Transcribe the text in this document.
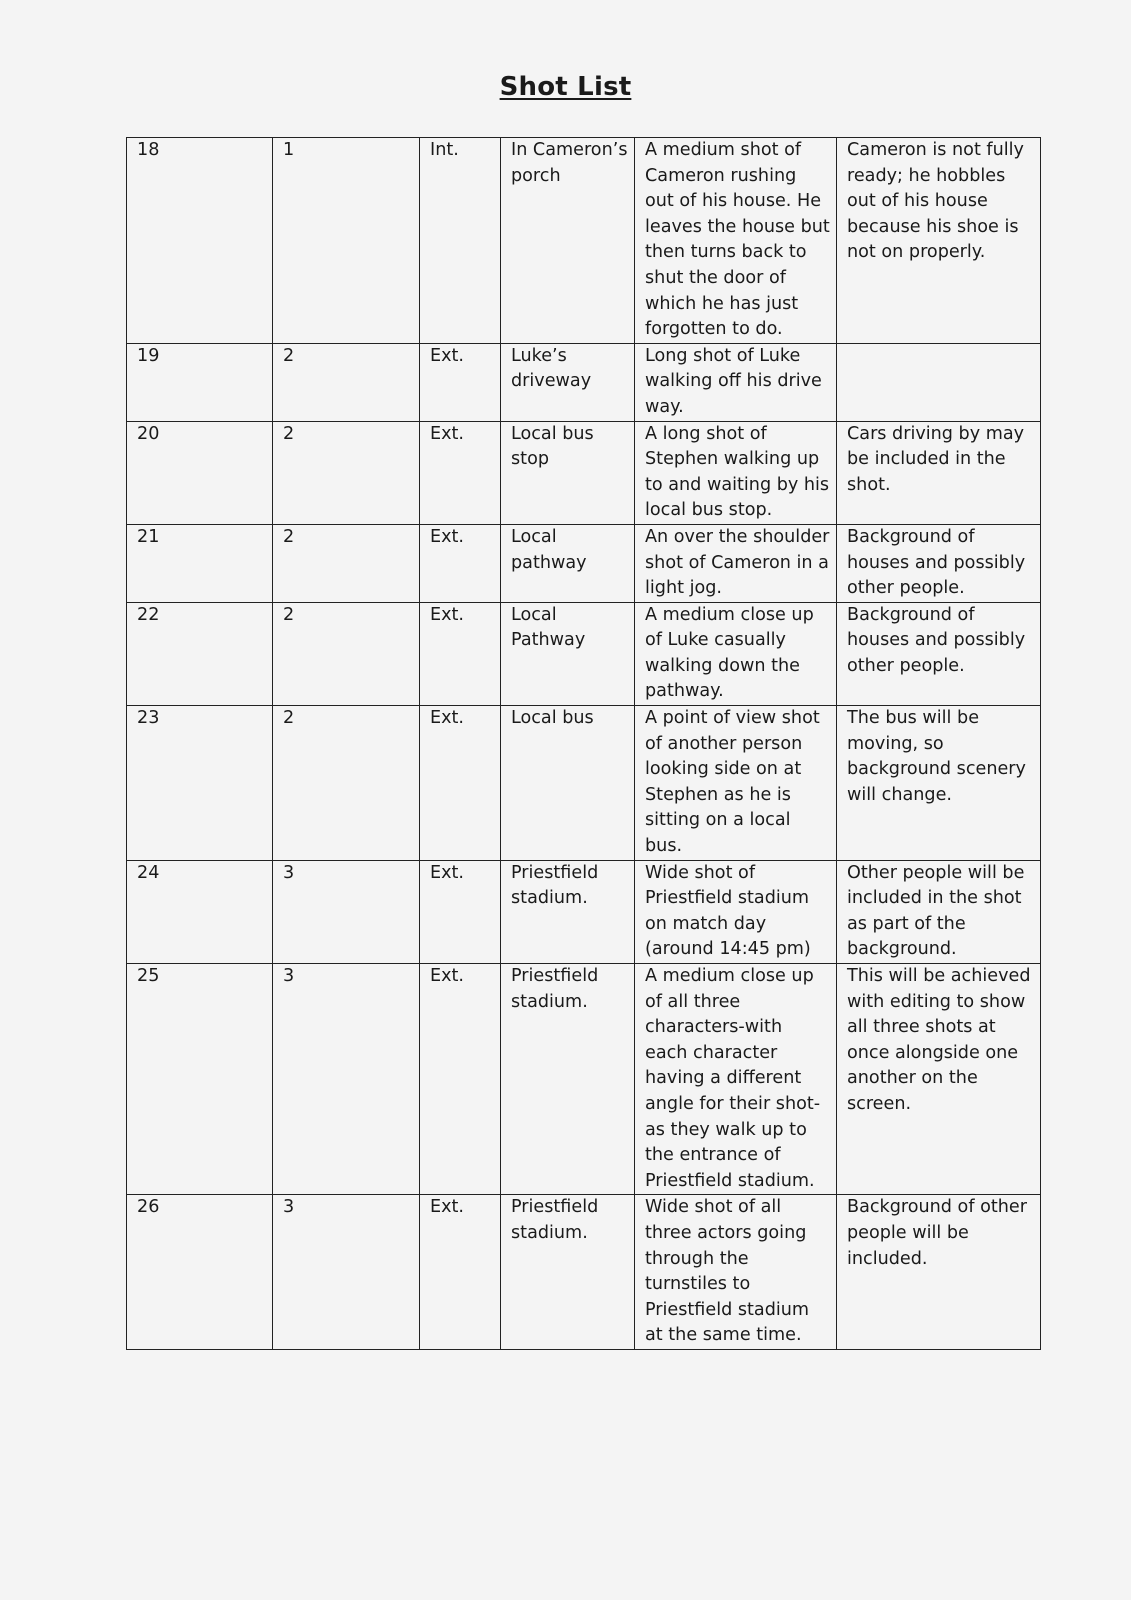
Shot List
18	1	Int.	In Cameron’s porch	A medium shot of Cameron rushing out of his house. He leaves the house but then turns back to shut the door of which he has just forgotten to do.	Cameron is not fully ready; he hobbles out of his house because his shoe is not on properly.
19	2	Ext.	Luke’s driveway	Long shot of Luke walking off his drive way.	
20	2	Ext.	Local bus stop	A long shot of Stephen walking up to and waiting by his local bus stop.	Cars driving by may be included in the shot.
21	2	Ext.	Local pathway	An over the shoulder shot of Cameron in a light jog.	Background of houses and possibly other people.
22	2	Ext.	Local Pathway	A medium close up of Luke casually walking down the pathway.	Background of houses and possibly other people.
23	2	Ext.	Local bus	A point of view shot of another person looking side on at Stephen as he is sitting on a local bus.	The bus will be moving, so background scenery will change.
24	3	Ext.	Priestfield stadium.	Wide shot of Priestfield stadium on match day (around 14:45 pm)	Other people will be included in the shot as part of the background.
25	3	Ext.	Priestfield stadium.	A medium close up of all three characters-with each character having a different angle for their shot- as they walk up to the entrance of Priestfield stadium.	This will be achieved with editing to show all three shots at once alongside one another on the screen.
26	3	Ext.	Priestfield stadium.	Wide shot of all three actors going through the turnstiles to Priestfield stadium at the same time.	Background of other people will be included.
